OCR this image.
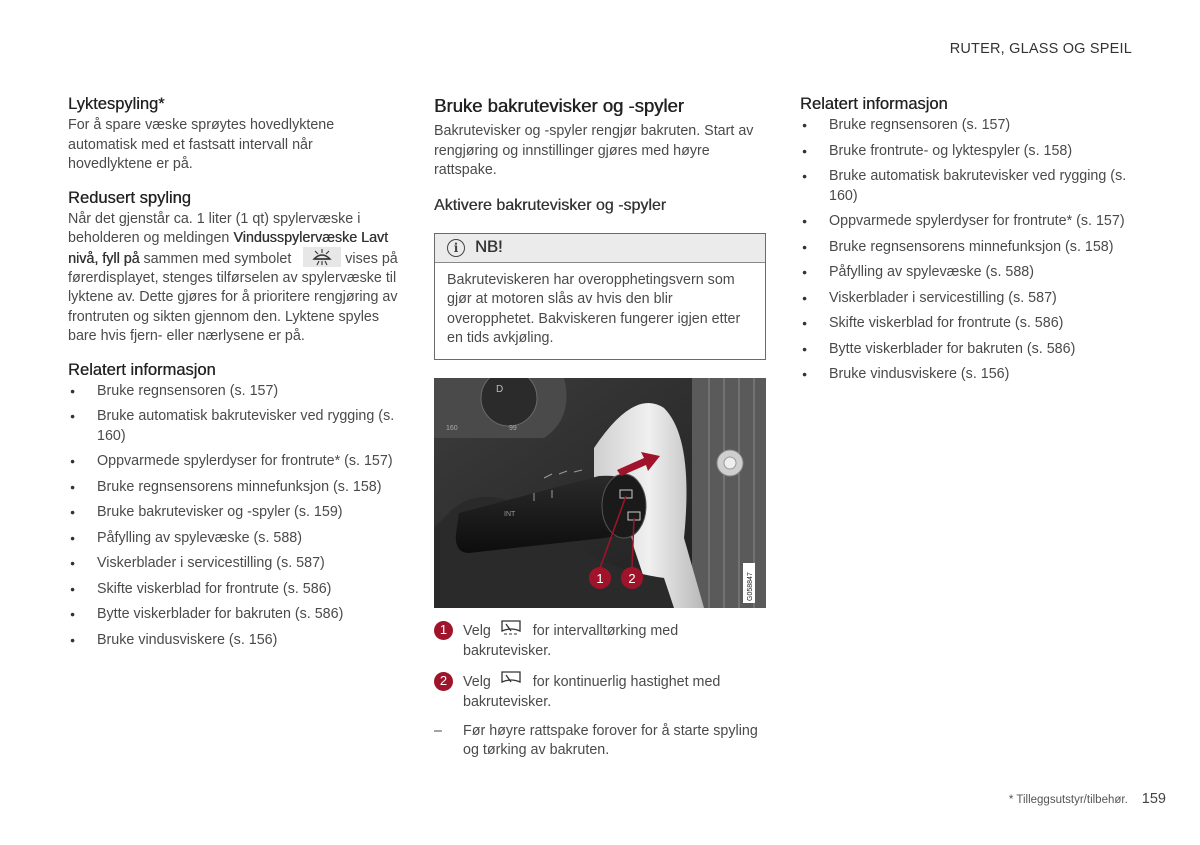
RUTER, GLASS OG SPEIL
Lyktespyling*

For å spare væske sprøytes hovedlyktene automatisk med et fastsatt intervall når hovedlyktene er på.

Redusert spyling

Når det gjenstår ca. 1 liter (1 qt) spylervæske i beholderen og meldingen Vindusspylervæske Lavt nivå, fyll på sammen med symbolet	vises på førerdisplayet, stenges tilførselen av spylervæske til lyktene av. Dette gjøres for å prioritere rengjøring av frontruten og sikten gjennom den. Lyktene spyles bare hvis fjern- eller nærlysene er på.

Relatert informasjon
● Bruke regnsensoren (s. 157)
● Bruke automatisk bakrutevisker ved rygging (s. 160)
● Oppvarmede spylerdyser for frontrute* (s. 157)
● Bruke regnsensorens minnefunksjon (s. 158)
● Bruke bakrutevisker og -spyler (s. 159)
● Påfylling av spylevæske (s. 588)
● Viskerblader i servicestilling (s. 587)
● Skifte viskerblad for frontrute (s. 586)
● Bytte viskerblader for bakruten (s. 586)
● Bruke vindusviskere (s. 156)
Bruke bakrutevisker og -spyler

Bakrutevisker og -spyler rengjør bakruten. Start av rengjøring og innstillinger gjøres med høyre rattspake.

Aktivere bakrutevisker og -spyler
i	NB!
Bakruteviskeren har overopphetingsvern som gjør at motoren slås av hvis den blir overopphetet. Bakviskeren fungerer igjen etter en tids avkjøling.
D
160	99
INT
1 2	G058847
1	Velg	for intervalltørking med bakrutevisker.
2	Velg	for kontinuerlig hastighet med bakrutevisker.
– Før høyre rattspake forover for å starte spyling og tørking av bakruten.
Relatert informasjon
● Bruke regnsensoren (s. 157)
● Bruke frontrute- og lyktespyler (s. 158)
● Bruke automatisk bakrutevisker ved rygging (s. 160)
● Oppvarmede spylerdyser for frontrute* (s. 157)
● Bruke regnsensorens minnefunksjon (s. 158)
● Påfylling av spylevæske (s. 588)
● Viskerblader i servicestilling (s. 587)
● Skifte viskerblad for frontrute (s. 586)
● Bytte viskerblader for bakruten (s. 586)
● Bruke vindusviskere (s. 156)
* Tilleggsutstyr/tilbehør. 159
